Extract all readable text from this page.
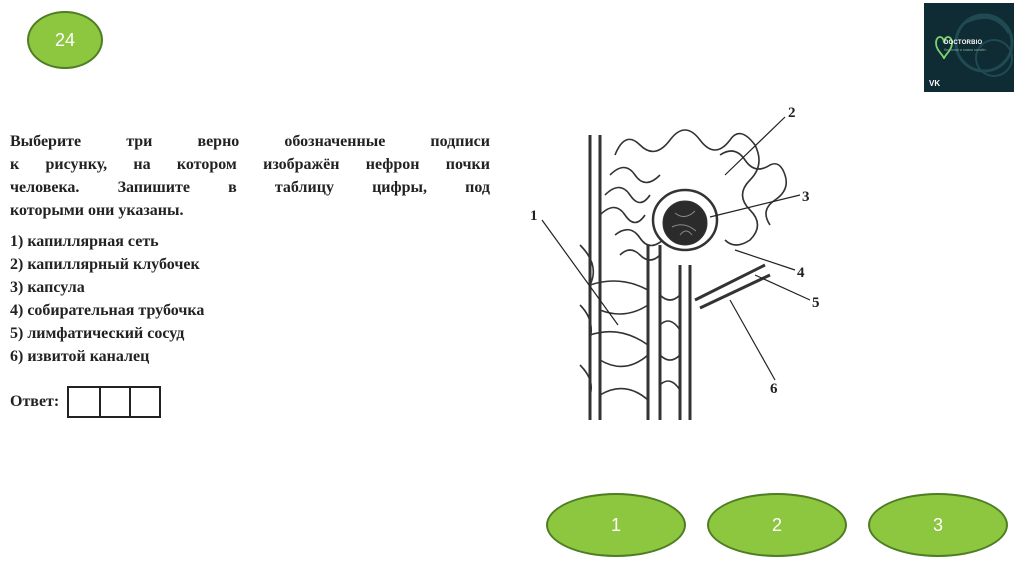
24	DOCTORBIO
биология и химия онлайн
VK
Выберите три верно обозначенные подписи
к рисунку, на котором изображён нефрон почки
человека. Запишите в таблицу цифры, под
которыми они указаны.
1) капиллярная сеть
2) капиллярный клубочек
3) капсула
4) собирательная трубочка
5) лимфатический сосуд
6) извитой каналец
Ответ:
1
2
3
4
5
6
1	2	3
